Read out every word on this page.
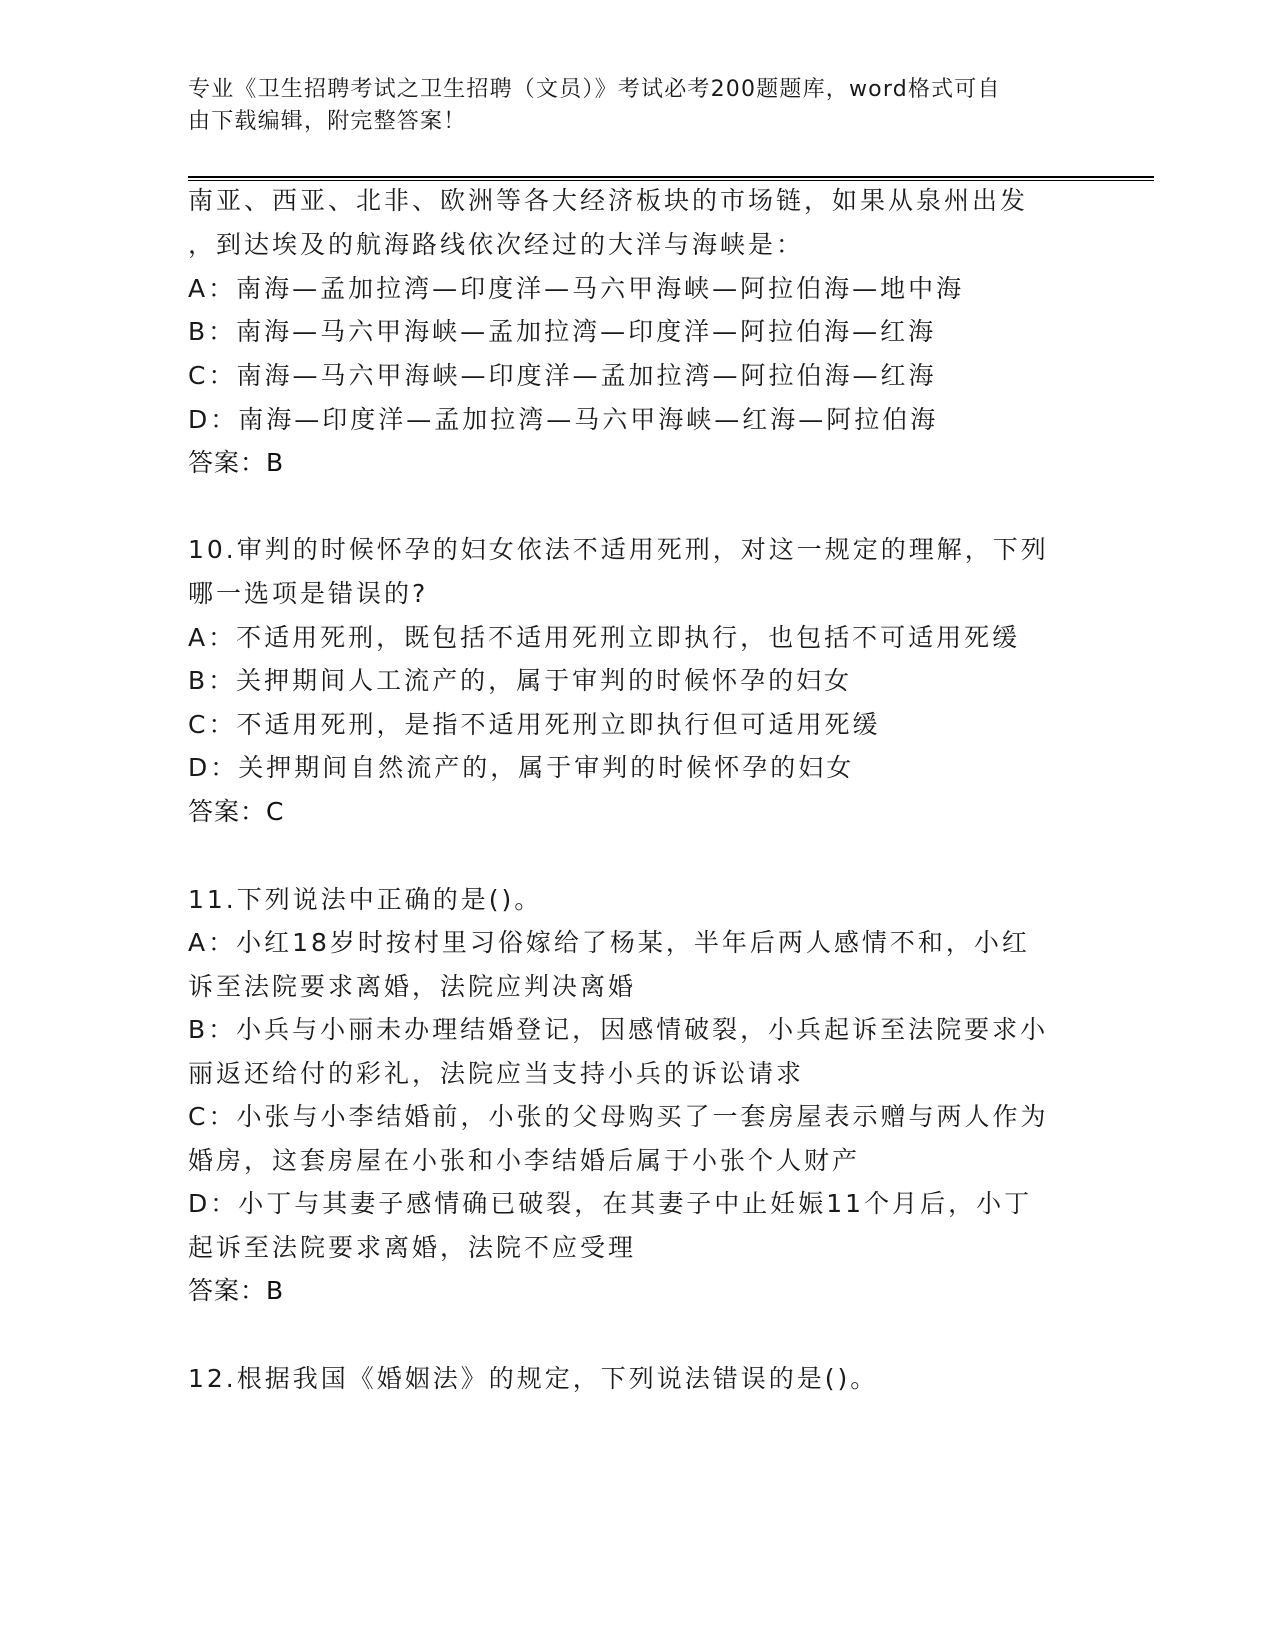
专业《卫生招聘考试之卫生招聘（文员）》考试必考200题题库，word格式可自
由下载编辑，附完整答案！
南亚、西亚、北非、欧洲等各大经济板块的市场链，如果从泉州出发
，到达埃及的航海路线依次经过的大洋与海峡是：
A：南海—孟加拉湾—印度洋—马六甲海峡—阿拉伯海—地中海
B：南海—马六甲海峡—孟加拉湾—印度洋—阿拉伯海—红海
C：南海—马六甲海峡—印度洋—孟加拉湾—阿拉伯海—红海
D：南海—印度洋—孟加拉湾—马六甲海峡—红海—阿拉伯海
答案：B
10.审判的时候怀孕的妇女依法不适用死刑，对这一规定的理解，下列
哪一选项是错误的?
A：不适用死刑，既包括不适用死刑立即执行，也包括不可适用死缓
B：关押期间人工流产的，属于审判的时候怀孕的妇女
C：不适用死刑，是指不适用死刑立即执行但可适用死缓
D：关押期间自然流产的，属于审判的时候怀孕的妇女
答案：C
11.下列说法中正确的是()。
A：小红18岁时按村里习俗嫁给了杨某，半年后两人感情不和，小红
诉至法院要求离婚，法院应判决离婚
B：小兵与小丽未办理结婚登记，因感情破裂，小兵起诉至法院要求小
丽返还给付的彩礼，法院应当支持小兵的诉讼请求
C：小张与小李结婚前，小张的父母购买了一套房屋表示赠与两人作为
婚房，这套房屋在小张和小李结婚后属于小张个人财产
D：小丁与其妻子感情确已破裂，在其妻子中止妊娠11个月后，小丁
起诉至法院要求离婚，法院不应受理
答案：B
12.根据我国《婚姻法》的规定，下列说法错误的是()。
